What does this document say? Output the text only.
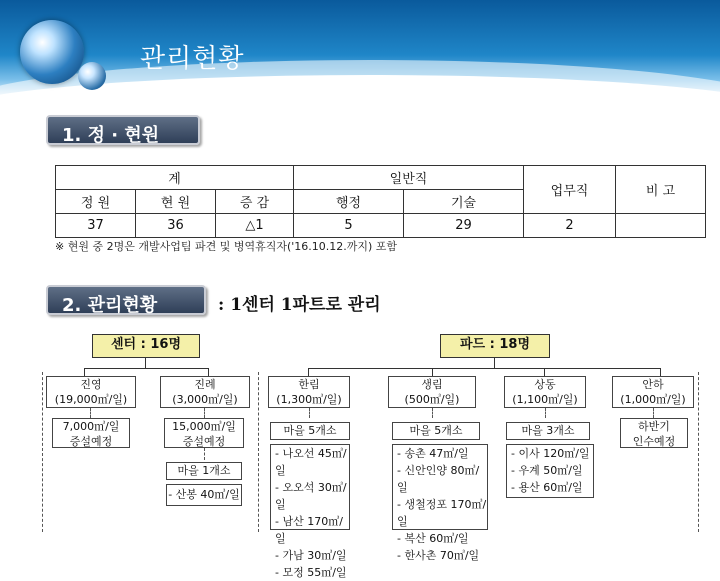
관리현황
1. 정 · 현원
계			일반직		업무직	비 고
정 원	현 원	증 감	행정	기술		
37	36	△1	5	29	2	
※ 현원 중 2명은 개발사업팀 파견 및 병역휴직자('16.10.12.까지) 포함
2. 관리현황	: 1센터 1파트로 관리
센터 : 16명	파드 : 18명
진영
(19,000㎥/일)
진례
(3,000㎥/일)
한림
(1,300㎥/일)
생림
(500㎥/일)
상동
(1,100㎥/일)
안하
(1,000㎥/일)
7,000㎥/일
증설예정
15,000㎥/일
증설예정
하반기
인수예정
마을 5개소
- 나오선 45㎥/일
- 오오석 30㎥/일
- 남산 170㎥/일
- 가남 30㎥/일
- 모정 55㎥/일
마을 5개소
- 송촌 47㎥/일
- 신안인양 80㎥/일
- 생철정포 170㎥/일
- 복산 60㎥/일
- 한사촌 70㎥/일
마을 3개소
- 이사 120㎥/일
- 우계 50㎥/일
- 용산 60㎥/일
마을 1개소
- 산봉 40㎥/일
